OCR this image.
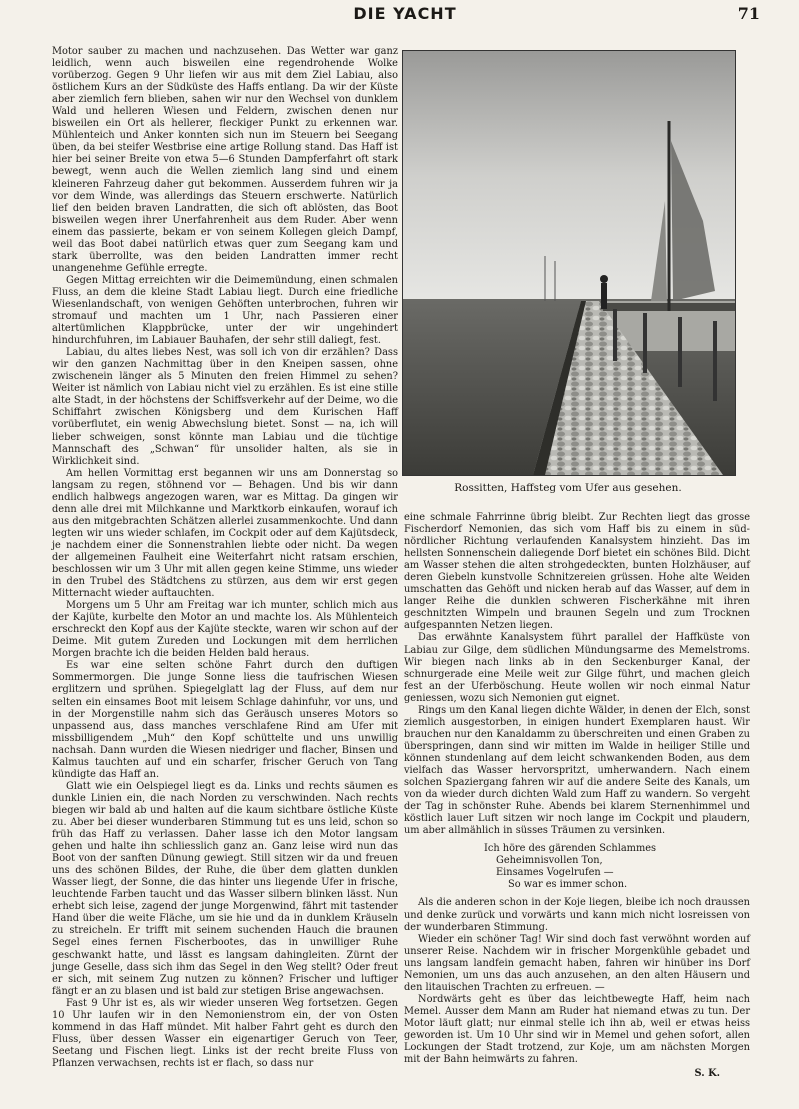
DIE YACHT	71

Motor sauber zu machen und nachzusehen. Das Wetter war ganz leidlich, wenn auch bisweilen eine regendrohende Wolke vorüberzog. Gegen 9 Uhr liefen wir aus mit dem Ziel Labiau, also östlichem Kurs an der Südküste des Haffs entlang. Da wir der Küste aber ziemlich fern blieben, sahen wir nur den Wechsel von dunklem Wald und helleren Wiesen und Feldern, zwischen denen nur bisweilen ein Ort als hellerer, fleckiger Punkt zu erkennen war. Mühlenteich und Anker konnten sich nun im Steuern bei Seegang üben, da bei steifer Westbrise eine artige Rollung stand. Das Haff ist hier bei seiner Breite von etwa 5—6 Stunden Dampferfahrt oft stark bewegt, wenn auch die Wellen ziemlich lang sind und einem kleineren Fahrzeug daher gut bekommen. Ausserdem fuhren wir ja vor dem Winde, was allerdings das Steuern erschwerte. Natürlich lief den beiden braven Landratten, die sich oft ablösten, das Boot bisweilen wegen ihrer Unerfahrenheit aus dem Ruder. Aber wenn einem das passierte, bekam er von seinem Kollegen gleich Dampf, weil das Boot dabei natürlich etwas quer zum Seegang kam und stark überrollte, was den beiden Landratten immer recht unangenehme Gefühle erregte.

Gegen Mittag erreichten wir die Deimemündung, einen schmalen Fluss, an dem die kleine Stadt Labiau liegt. Durch eine friedliche Wiesenlandschaft, von wenigen Gehöften unterbrochen, fuhren wir stromauf und machten um 1 Uhr, nach Passieren einer altertümlichen Klappbrücke, unter der wir ungehindert hindurchfuhren, im Labiauer Bauhafen, der sehr still daliegt, fest.

Labiau, du altes liebes Nest, was soll ich von dir erzählen? Dass wir den ganzen Nachmittag über in den Kneipen sassen, ohne zwischenein länger als 5 Minuten den freien Himmel zu sehen? Weiter ist nämlich von Labiau nicht viel zu erzählen. Es ist eine stille alte Stadt, in der höchstens der Schiffsverkehr auf der Deime, wo die Schiffahrt zwischen Königsberg und dem Kurischen Haff vorüberflutet, ein wenig Abwechslung bietet. Sonst — na, ich will lieber schweigen, sonst könnte man Labiau und die tüchtige Mannschaft des „Schwan“ für unsolider halten, als sie in Wirklichkeit sind.

Am hellen Vormittag erst begannen wir uns am Donnerstag so langsam zu regen, stöhnend vor — Behagen. Und bis wir dann endlich halbwegs angezogen waren, war es Mittag. Da gingen wir denn alle drei mit Milchkanne und Marktkorb einkaufen, worauf ich aus den mitgebrachten Schätzen allerlei zusammenkochte. Und dann legten wir uns wieder schlafen, im Cockpit oder auf dem Kajütsdeck, je nachdem einer die Sonnenstrahlen liebte oder nicht. Da wegen der allgemeinen Faulheit eine Weiterfahrt nicht ratsam erschien, beschlossen wir um 3 Uhr mit allen gegen keine Stimme, uns wieder in den Trubel des Städtchens zu stürzen, aus dem wir erst gegen Mitternacht wieder auftauchten.

Morgens um 5 Uhr am Freitag war ich munter, schlich mich aus der Kajüte, kurbelte den Motor an und machte los. Als Mühlenteich erschreckt den Kopf aus der Kajüte steckte, waren wir schon auf der Deime. Mit gutem Zureden und Lockungen mit dem herrlichen Morgen brachte ich die beiden Helden bald heraus.

Es war eine selten schöne Fahrt durch den duftigen Sommermorgen. Die junge Sonne liess die taufrischen Wiesen erglitzern und sprühen. Spiegelglatt lag der Fluss, auf dem nur selten ein einsames Boot mit leisem Schlage dahinfuhr, vor uns, und in der Morgenstille nahm sich das Geräusch unseres Motors so unpassend aus, dass manches verschlafene Rind am Ufer mit missbilligendem „Muh“ den Kopf schüttelte und uns unwillig nachsah. Dann wurden die Wiesen niedriger und flacher, Binsen und Kalmus tauchten auf und ein scharfer, frischer Geruch von Tang kündigte das Haff an.

Glatt wie ein Oelspiegel liegt es da. Links und rechts säumen es dunkle Linien ein, die nach Norden zu verschwinden. Nach rechts biegen wir bald ab und halten auf die kaum sichtbare östliche Küste zu. Aber bei dieser wunderbaren Stimmung tut es uns leid, schon so früh das Haff zu verlassen. Daher lasse ich den Motor langsam gehen und halte ihn schliesslich ganz an. Ganz leise wird nun das Boot von der sanften Dünung gewiegt. Still sitzen wir da und freuen uns des schönen Bildes, der Ruhe, die über dem glatten dunklen Wasser liegt, der Sonne, die das hinter uns liegende Ufer in frische, leuchtende Farben taucht und das Wasser silbern blinken lässt. Nun erhebt sich leise, zagend der junge Morgenwind, fährt mit tastender Hand über die weite Fläche, um sie hie und da in dunklem Kräuseln zu streicheln. Er trifft mit seinem suchenden Hauch die braunen Segel eines fernen Fischerbootes, das in unwilliger Ruhe geschwankt hatte, und lässt es langsam dahingleiten. Zürnt der junge Geselle, dass sich ihm das Segel in den Weg stellt? Oder freut er sich, mit seinem Zug nutzen zu können? Frischer und luftiger fängt er an zu blasen und ist bald zur stetigen Brise angewachsen.

Fast 9 Uhr ist es, als wir wieder unseren Weg fortsetzen. Gegen 10 Uhr laufen wir in den Nemonienstrom ein, der von Osten kommend in das Haff mündet. Mit halber Fahrt geht es durch den Fluss, über dessen Wasser ein eigenartiger Geruch von Teer, Seetang und Fischen liegt. Links ist der recht breite Fluss von Pflanzen verwachsen, rechts ist er flach, so dass nur

Rossitten, Haffsteg vom Ufer aus gesehen.

eine schmale Fahrrinne übrig bleibt. Zur Rechten liegt das grosse Fischerdorf Nemonien, das sich vom Haff bis zu einem in süd-nördlicher Richtung verlaufenden Kanalsystem hinzieht. Das im hellsten Sonnenschein daliegende Dorf bietet ein schönes Bild. Dicht am Wasser stehen die alten strohgedeckten, bunten Holzhäuser, auf deren Giebeln kunstvolle Schnitzereien grüssen. Hohe alte Weiden umschatten das Gehöft und nicken herab auf das Wasser, auf dem in langer Reihe die dunklen schweren Fischerkähne mit ihren geschnitzten Wimpeln und braunen Segeln und zum Trocknen aufgespannten Netzen liegen.

Das erwähnte Kanalsystem führt parallel der Haffküste von Labiau zur Gilge, dem südlichen Mündungsarme des Memelstroms. Wir biegen nach links ab in den Seckenburger Kanal, der schnurgerade eine Meile weit zur Gilge führt, und machen gleich fest an der Uferböschung. Heute wollen wir noch einmal Natur geniessen, wozu sich Nemonien gut eignet.

Rings um den Kanal liegen dichte Wälder, in denen der Elch, sonst ziemlich ausgestorben, in einigen hundert Exemplaren haust. Wir brauchen nur den Kanaldamm zu überschreiten und einen Graben zu überspringen, dann sind wir mitten im Walde in heiliger Stille und können stundenlang auf dem leicht schwankenden Boden, aus dem vielfach das Wasser hervorspritzt, umherwandern. Nach einem solchen Spaziergang fahren wir auf die andere Seite des Kanals, um von da wieder durch dichten Wald zum Haff zu wandern. So vergeht der Tag in schönster Ruhe. Abends bei klarem Sternenhimmel und köstlich lauer Luft sitzen wir noch lange im Cockpit und plaudern, um aber allmählich in süsses Träumen zu versinken.

Ich höre des gärenden Schlammes
Geheimnisvollen Ton,
Einsames Vogelrufen —
So war es immer schon.

Als die anderen schon in der Koje liegen, bleibe ich noch draussen und denke zurück und vorwärts und kann mich nicht losreissen von der wunderbaren Stimmung.

Wieder ein schöner Tag! Wir sind doch fast verwöhnt worden auf unserer Reise. Nachdem wir in frischer Morgenkühle gebadet und uns langsam landfein gemacht haben, fahren wir hinüber ins Dorf Nemonien, um uns das auch anzusehen, an den alten Häusern und den litauischen Trachten zu erfreuen. —

Nordwärts geht es über das leichtbewegte Haff, heim nach Memel. Ausser dem Mann am Ruder hat niemand etwas zu tun. Der Motor läuft glatt; nur einmal stelle ich ihn ab, weil er etwas heiss geworden ist. Um 10 Uhr sind wir in Memel und gehen sofort, allen Lockungen der Stadt trotzend, zur Koje, um am nächsten Morgen mit der Bahn heimwärts zu fahren.

S. K.
